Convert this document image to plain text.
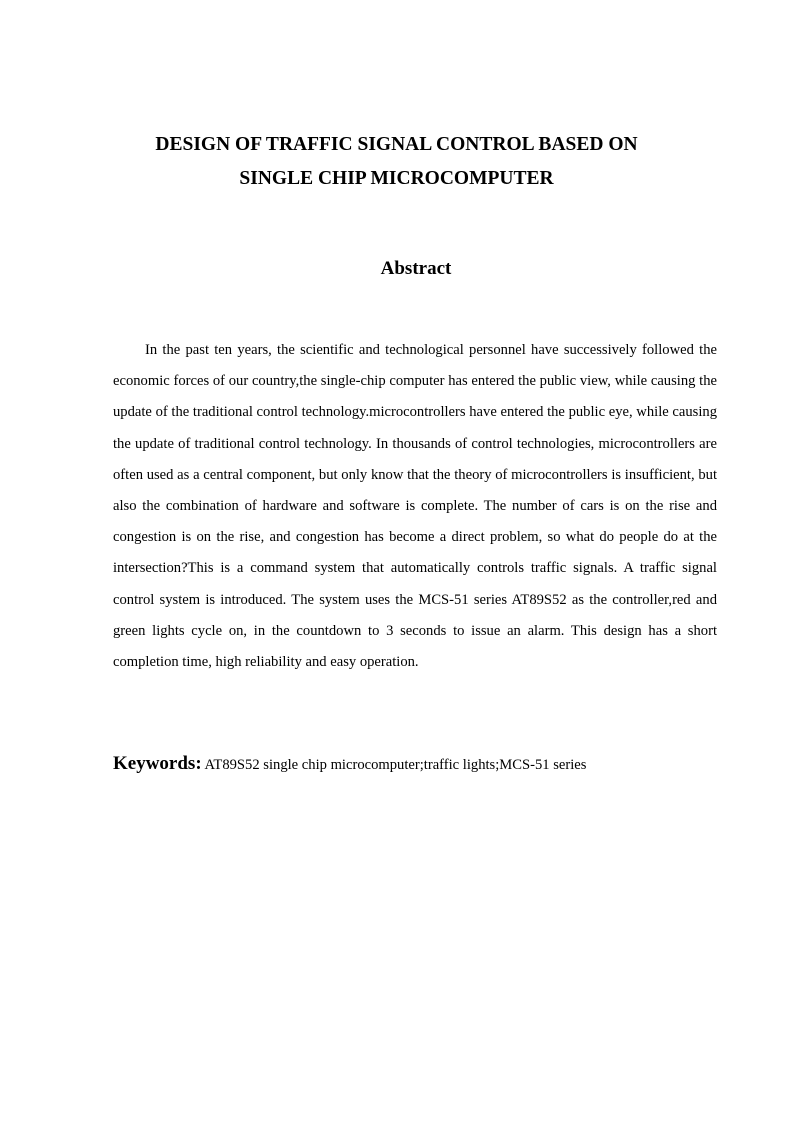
DESIGN OF TRAFFIC SIGNAL CONTROL BASED ON
SINGLE CHIP MICROCOMPUTER
Abstract

In the past ten years, the scientific and technological personnel have successively followed the economic forces of our country,the single-chip computer has entered the public view, while causing the update of the traditional control technology.microcontrollers have entered the public eye, while causing the update of traditional control technology. In thousands of control technologies, microcontrollers are often used as a central component, but only know that the theory of microcontrollers is insufficient, but also the combination of hardware and software is complete. The number of cars is on the rise and congestion is on the rise, and congestion has become a direct problem, so what do people do at the intersection?This is a command system that automatically controls traffic signals. A traffic signal control system is introduced. The system uses the MCS-51 series AT89S52 as the controller,red and green lights cycle on, in the countdown to 3 seconds to issue an alarm. This design has a short completion time, high reliability and easy operation.

Keywords: AT89S52 single chip microcomputer;traffic lights;MCS-51 series
